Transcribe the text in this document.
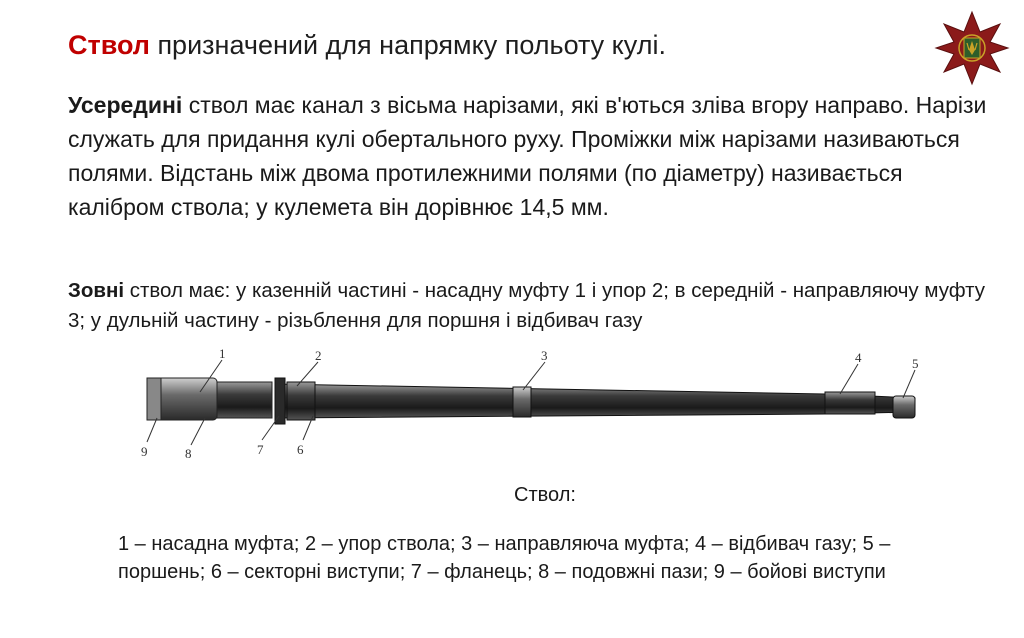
Ствол призначений для напрямку польоту кулі.

Усередині ствол має канал з вісьма нарізами, які в'ються зліва вгору направо. Нарізи служать для придання кулі обертального руху. Проміжки між нарізами називаються полями. Відстань між двома протилежними полями (по діаметру) називається калібром ствола; у кулемета він дорівнює 14,5 мм.

Зовні ствол має: у казенній частині - насадну муфту 1 і упор 2; в середній - направляючу муфту 3; у дульній частину - різьблення для поршня і відбивач газу

1	2	3	4	5
6
7
8
9
Ствол:

1 – насадна муфта; 2 – упор ствола; 3 – направляюча муфта; 4 – відбивач газу; 5 – поршень; 6 – секторні виступи; 7 – фланець; 8 – подовжні пази; 9 – бойові виступи
